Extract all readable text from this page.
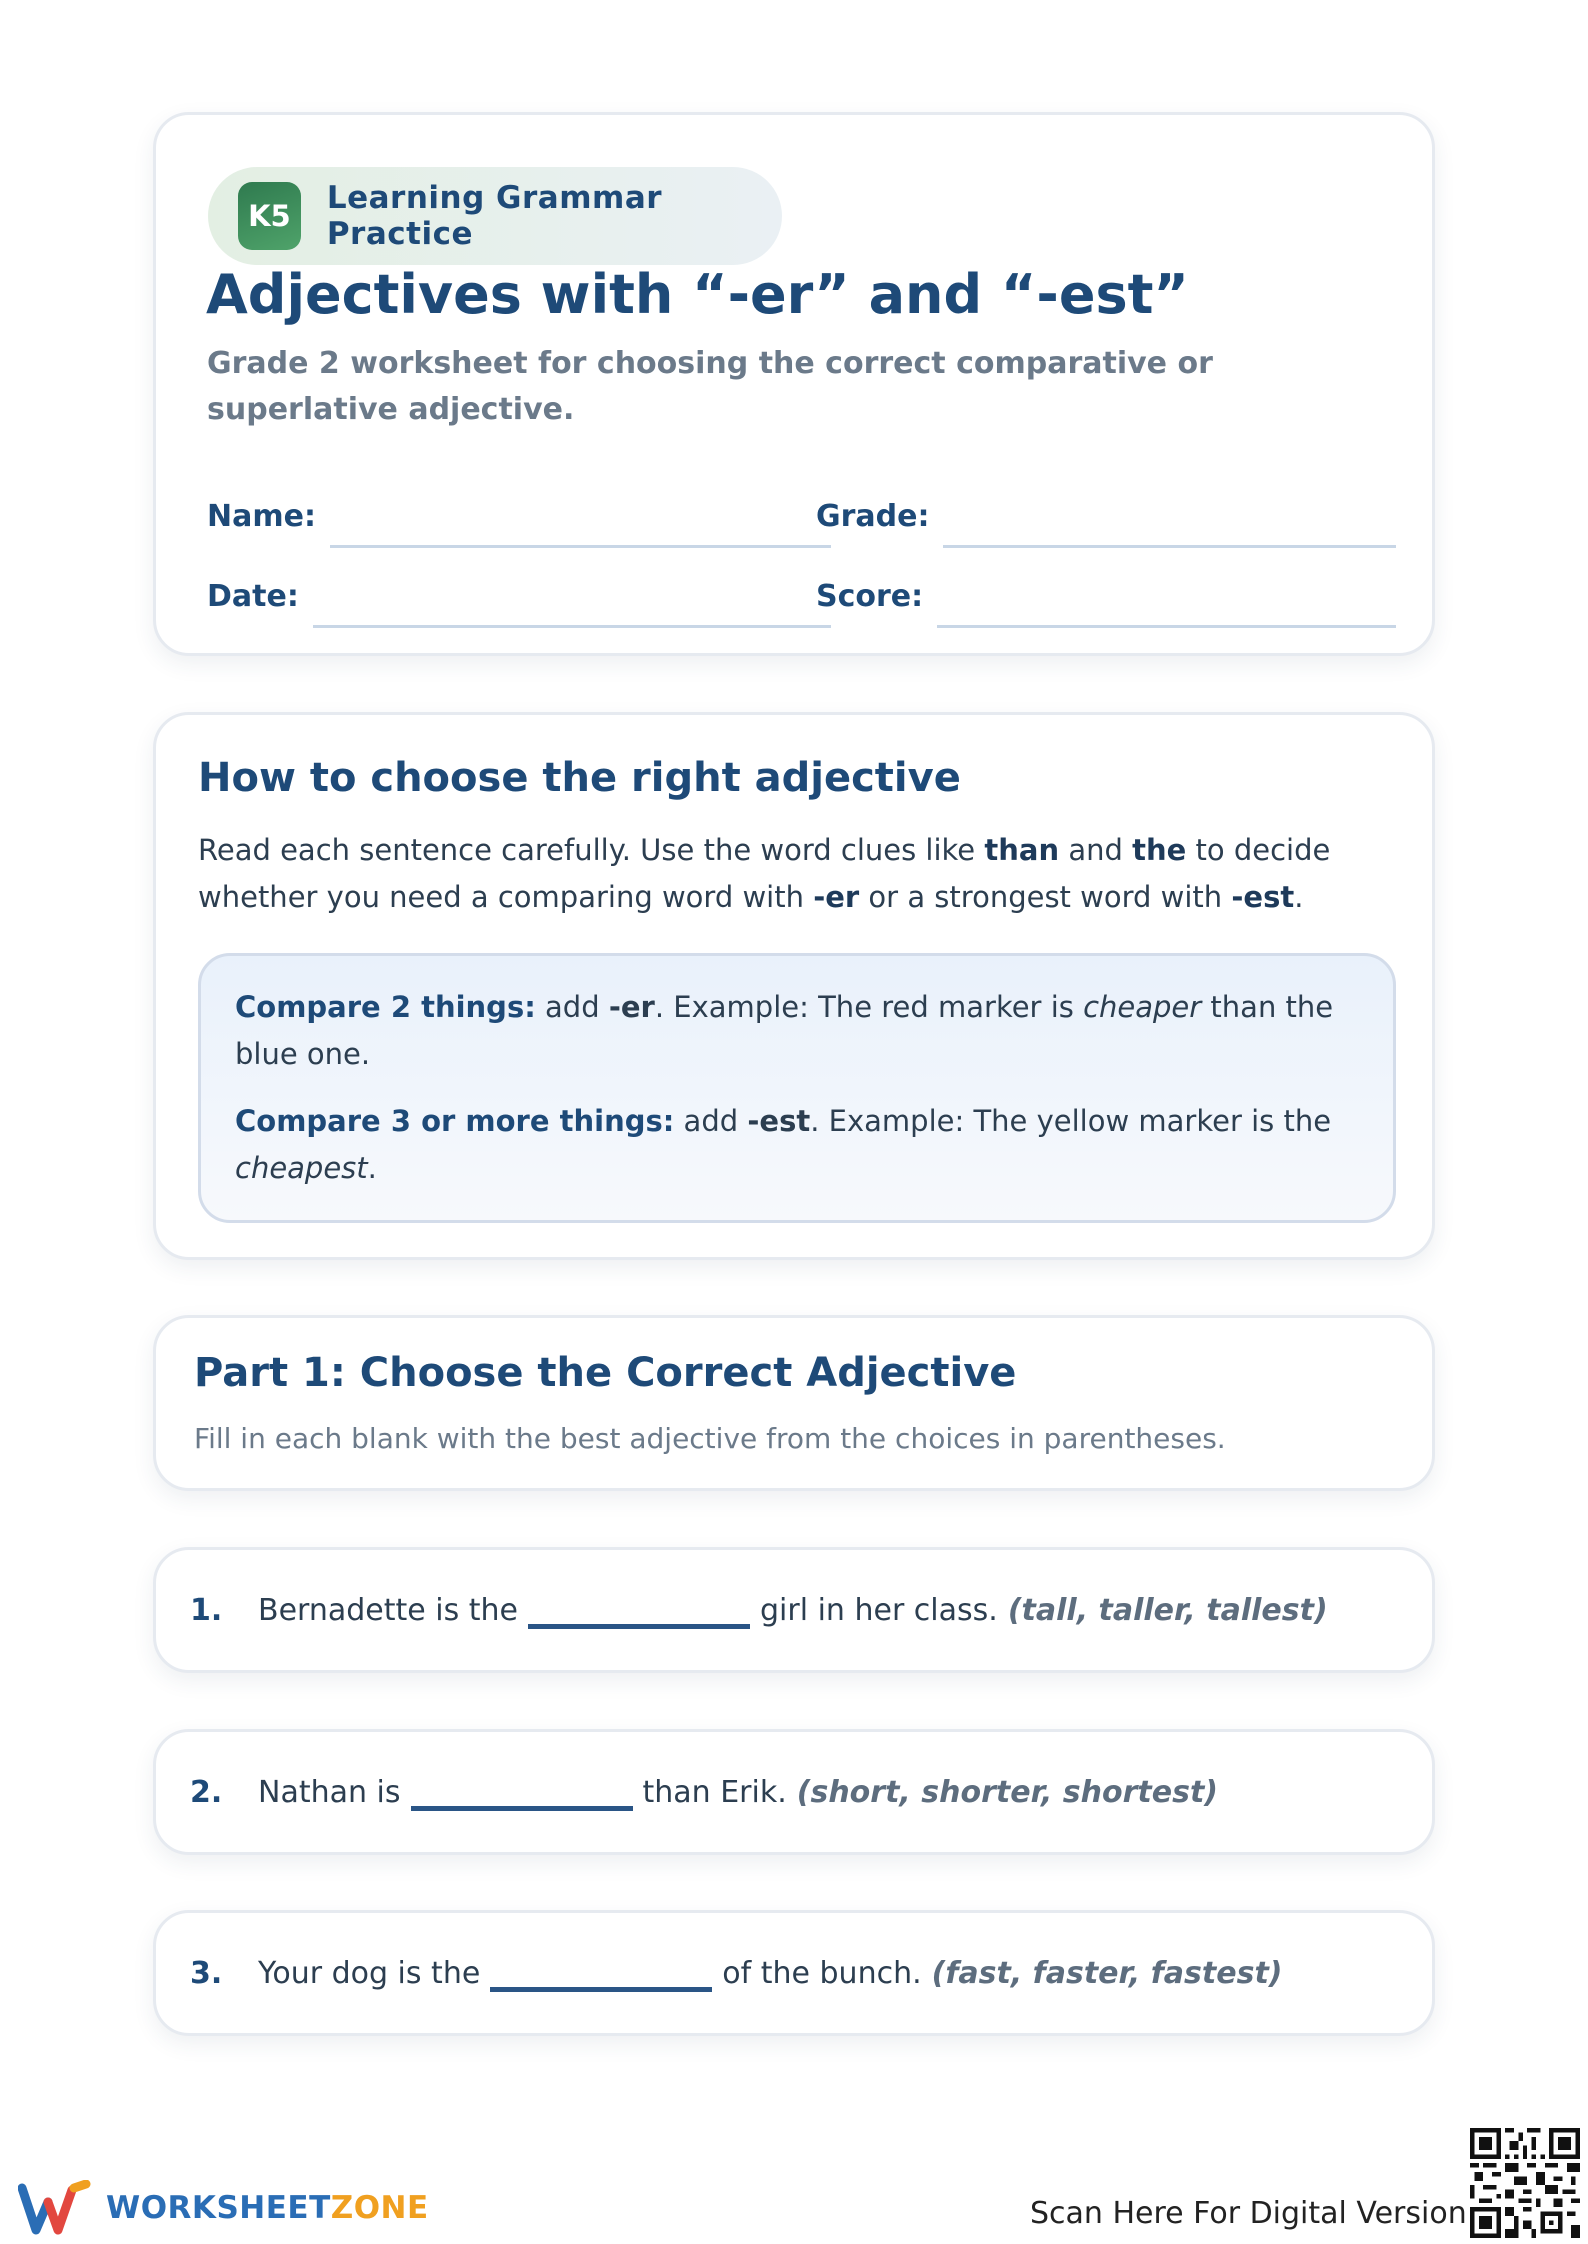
K5	Learning Grammar Practice
Adjectives with “-er” and “-est”

Grade 2 worksheet for choosing the correct comparative or superlative adjective.

Name:	Grade:
Date:	Score:
How to choose the right adjective

Read each sentence carefully. Use the word clues like than and the to decide whether you need a comparing word with -er or a strongest word with -est.

Compare 2 things: add -er. Example: The red marker is cheaper than the blue one.

Compare 3 or more things: add -est. Example: The yellow marker is the cheapest.

Part 1: Choose the Correct Adjective

Fill in each blank with the best adjective from the choices in parentheses.

1.	Bernadette is the	girl in her class. (tall, taller, tallest)
2.	Nathan is	than Erik. (short, shorter, shortest)
3.	Your dog is the	of the bunch. (fast, faster, fastest)
WORKSHEETZONE	Scan Here For Digital Version
